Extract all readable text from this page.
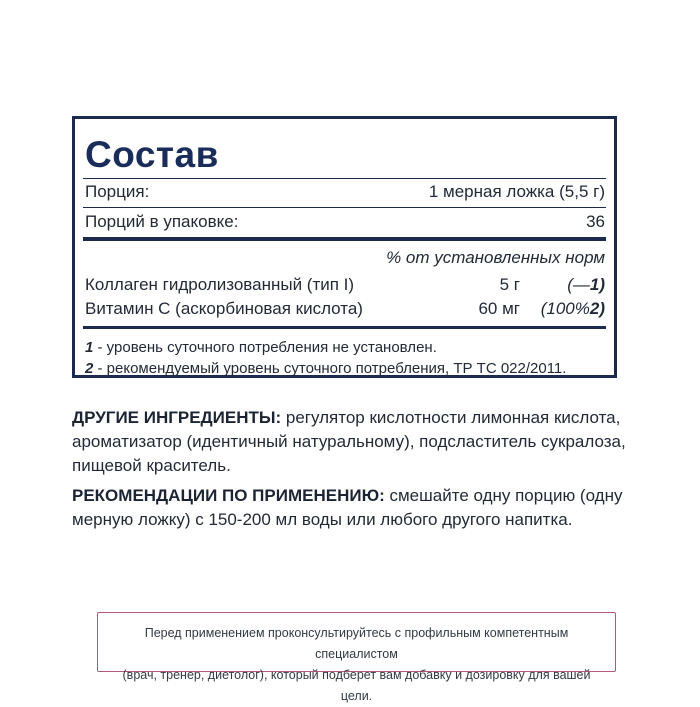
Состав
Порция:	1 мерная ложка (5,5 г)
Порций в упаковке:	36
% от установленных норм
Коллаген гидролизованный (тип I)	5 г	(—1)
Витамин С (аскорбиновая кислота)	60 мг (100%2)
1 - уровень суточного потребления не установлен.
2 - рекомендуемый уровень суточного потребления, ТР ТС 022/2011.
ДРУГИЕ ИНГРЕДИЕНТЫ: регулятор кислотности лимонная кислота, ароматизатор (идентичный натуральному), подсластитель сукралоза, пищевой краситель.
РЕКОМЕНДАЦИИ ПО ПРИМЕНЕНИЮ: смешайте одну порцию (одну мерную ложку) с 150-200 мл воды или любого другого напитка.
Перед применением проконсультируйтесь с профильным компетентным специалистом
(врач, тренер, диетолог), который подберет вам добавку и дозировку для вашей цели.
